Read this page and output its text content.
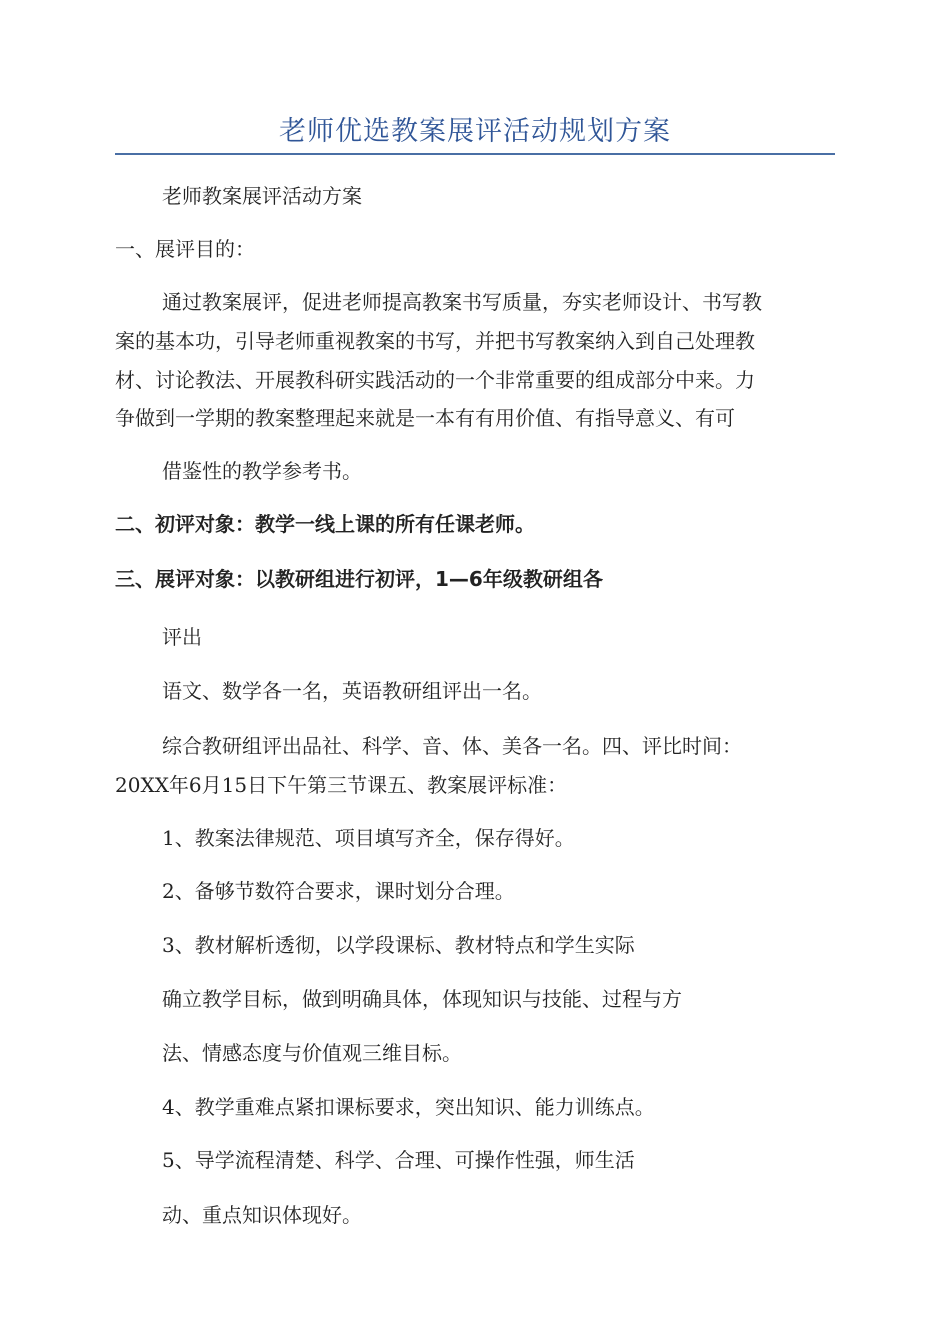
老师优选教案展评活动规划方案
老师教案展评活动方案
一、展评目的：
通过教案展评，促进老师提高教案书写质量，夯实老师设计、书写教
案的基本功，引导老师重视教案的书写，并把书写教案纳入到自己处理教
材、讨论教法、开展教科研实践活动的一个非常重要的组成部分中来。力
争做到一学期的教案整理起来就是一本有有用价值、有指导意义、有可
借鉴性的教学参考书。
二、初评对象：教学一线上课的所有任课老师。
三、展评对象：以教研组进行初评，1—6年级教研组各
评出
语文、数学各一名，英语教研组评出一名。
综合教研组评出品社、科学、音、体、美各一名。四、评比时间：
20XX年6月15日下午第三节课五、教案展评标准：
1、教案法律规范、项目填写齐全，保存得好。
2、备够节数符合要求，课时划分合理。
3、教材解析透彻，以学段课标、教材特点和学生实际
确立教学目标，做到明确具体，体现知识与技能、过程与方
法、情感态度与价值观三维目标。
4、教学重难点紧扣课标要求，突出知识、能力训练点。
5、导学流程清楚、科学、合理、可操作性强，师生活
动、重点知识体现好。
